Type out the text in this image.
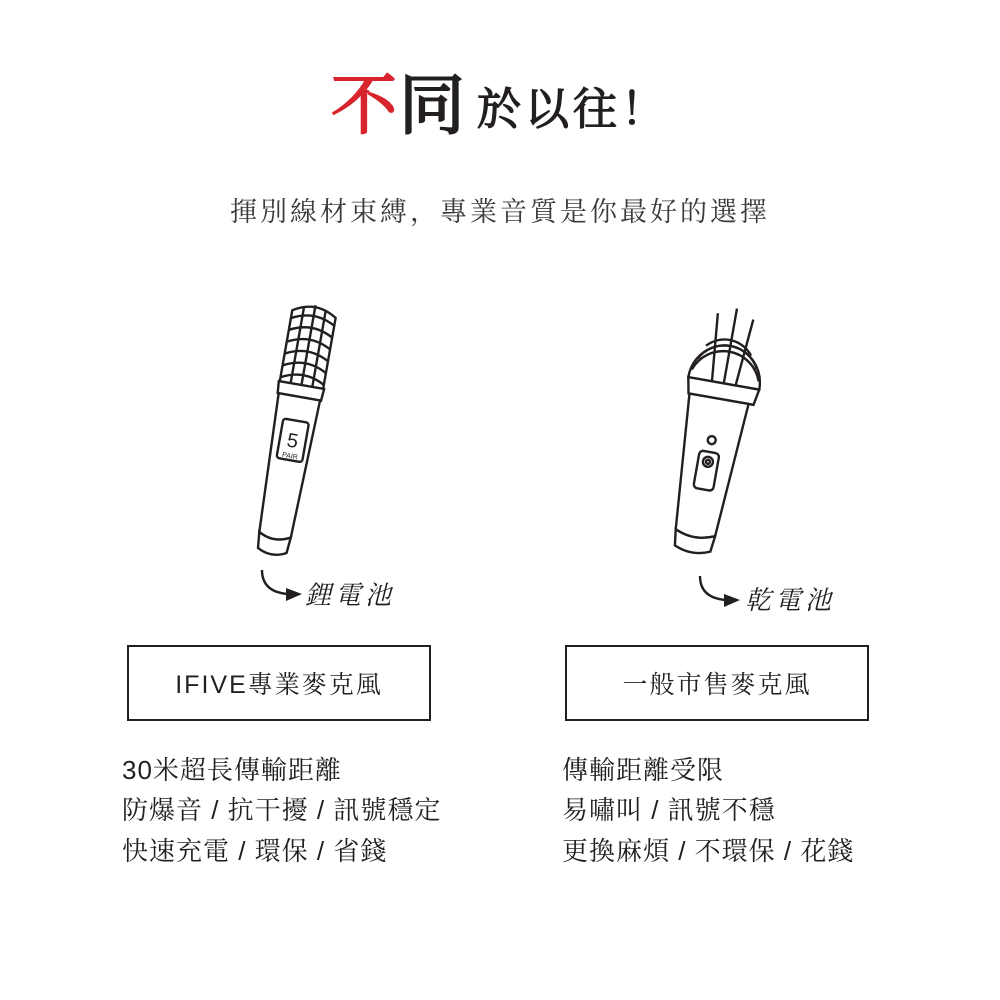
不同 於以往！
揮別線材束縛，專業音質是你最好的選擇
5
PAIR
鋰電池
IFIVE專業麥克風
30米超長傳輸距離
防爆音 / 抗干擾 / 訊號穩定
快速充電 / 環保 / 省錢
乾電池
一般市售麥克風
傳輸距離受限
易嘯叫 / 訊號不穩
更換麻煩 / 不環保 / 花錢
